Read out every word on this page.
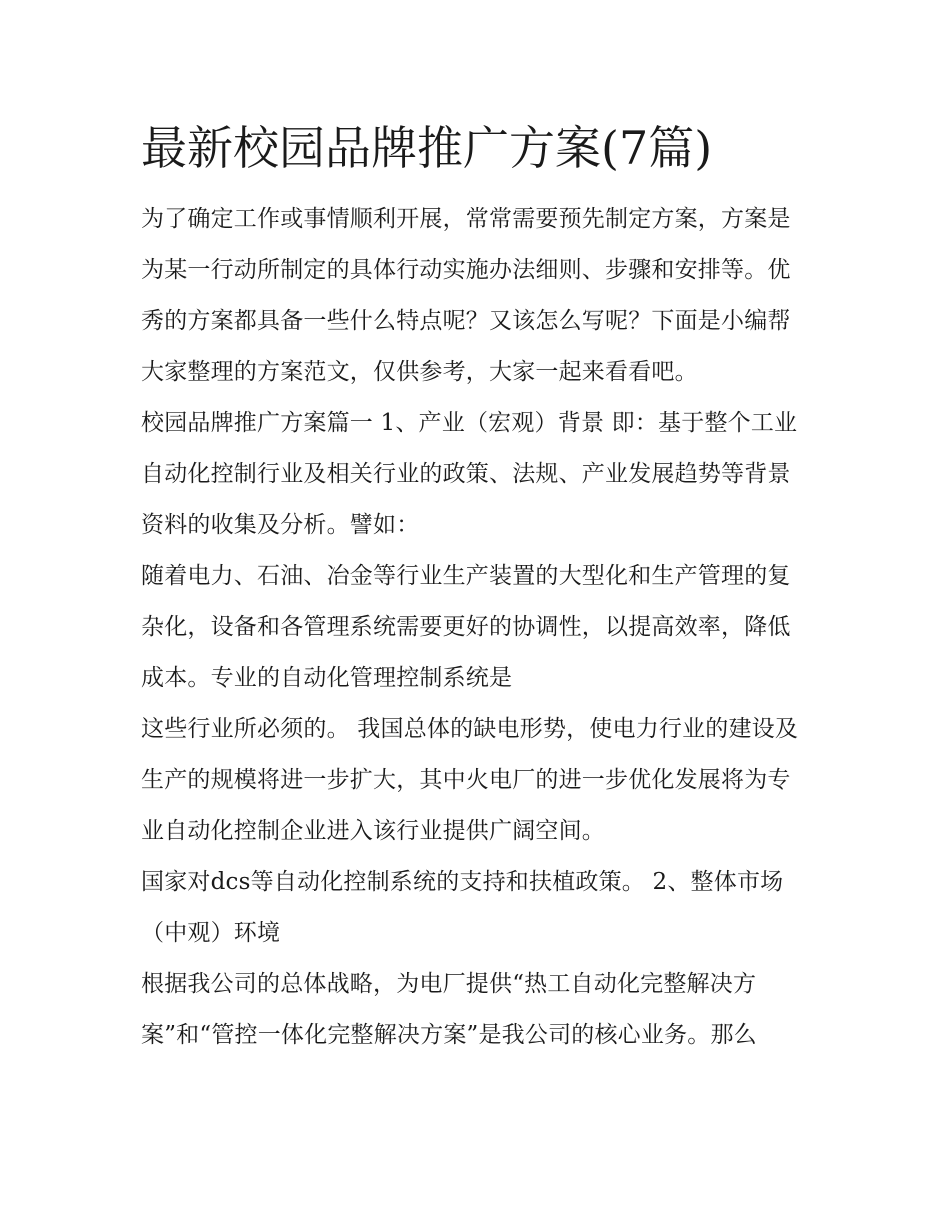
最新校园品牌推广方案(7篇)

为了确定工作或事情顺利开展，常常需要预先制定方案，方案是为某一行动所制定的具体行动实施办法细则、步骤和安排等。优秀的方案都具备一些什么特点呢？又该怎么写呢？下面是小编帮大家整理的方案范文，仅供参考，大家一起来看看吧。

校园品牌推广方案篇一 1、产业（宏观）背景 即：基于整个工业自动化控制行业及相关行业的政策、法规、产业发展趋势等背景资料的收集及分析。譬如：

随着电力、石油、冶金等行业生产装置的大型化和生产管理的复杂化，设备和各管理系统需要更好的协调性，以提高效率，降低成本。专业的自动化管理控制系统是

这些行业所必须的。 我国总体的缺电形势，使电力行业的建设及生产的规模将进一步扩大，其中火电厂的进一步优化发展将为专业自动化控制企业进入该行业提供广阔空间。

国家对dcs等自动化控制系统的支持和扶植政策。 2、整体市场（中观）环境

根据我公司的总体战略，为电厂提供“热工自动化完整解决方案”和“管控一体化完整解决方案”是我公司的核心业务。那么
